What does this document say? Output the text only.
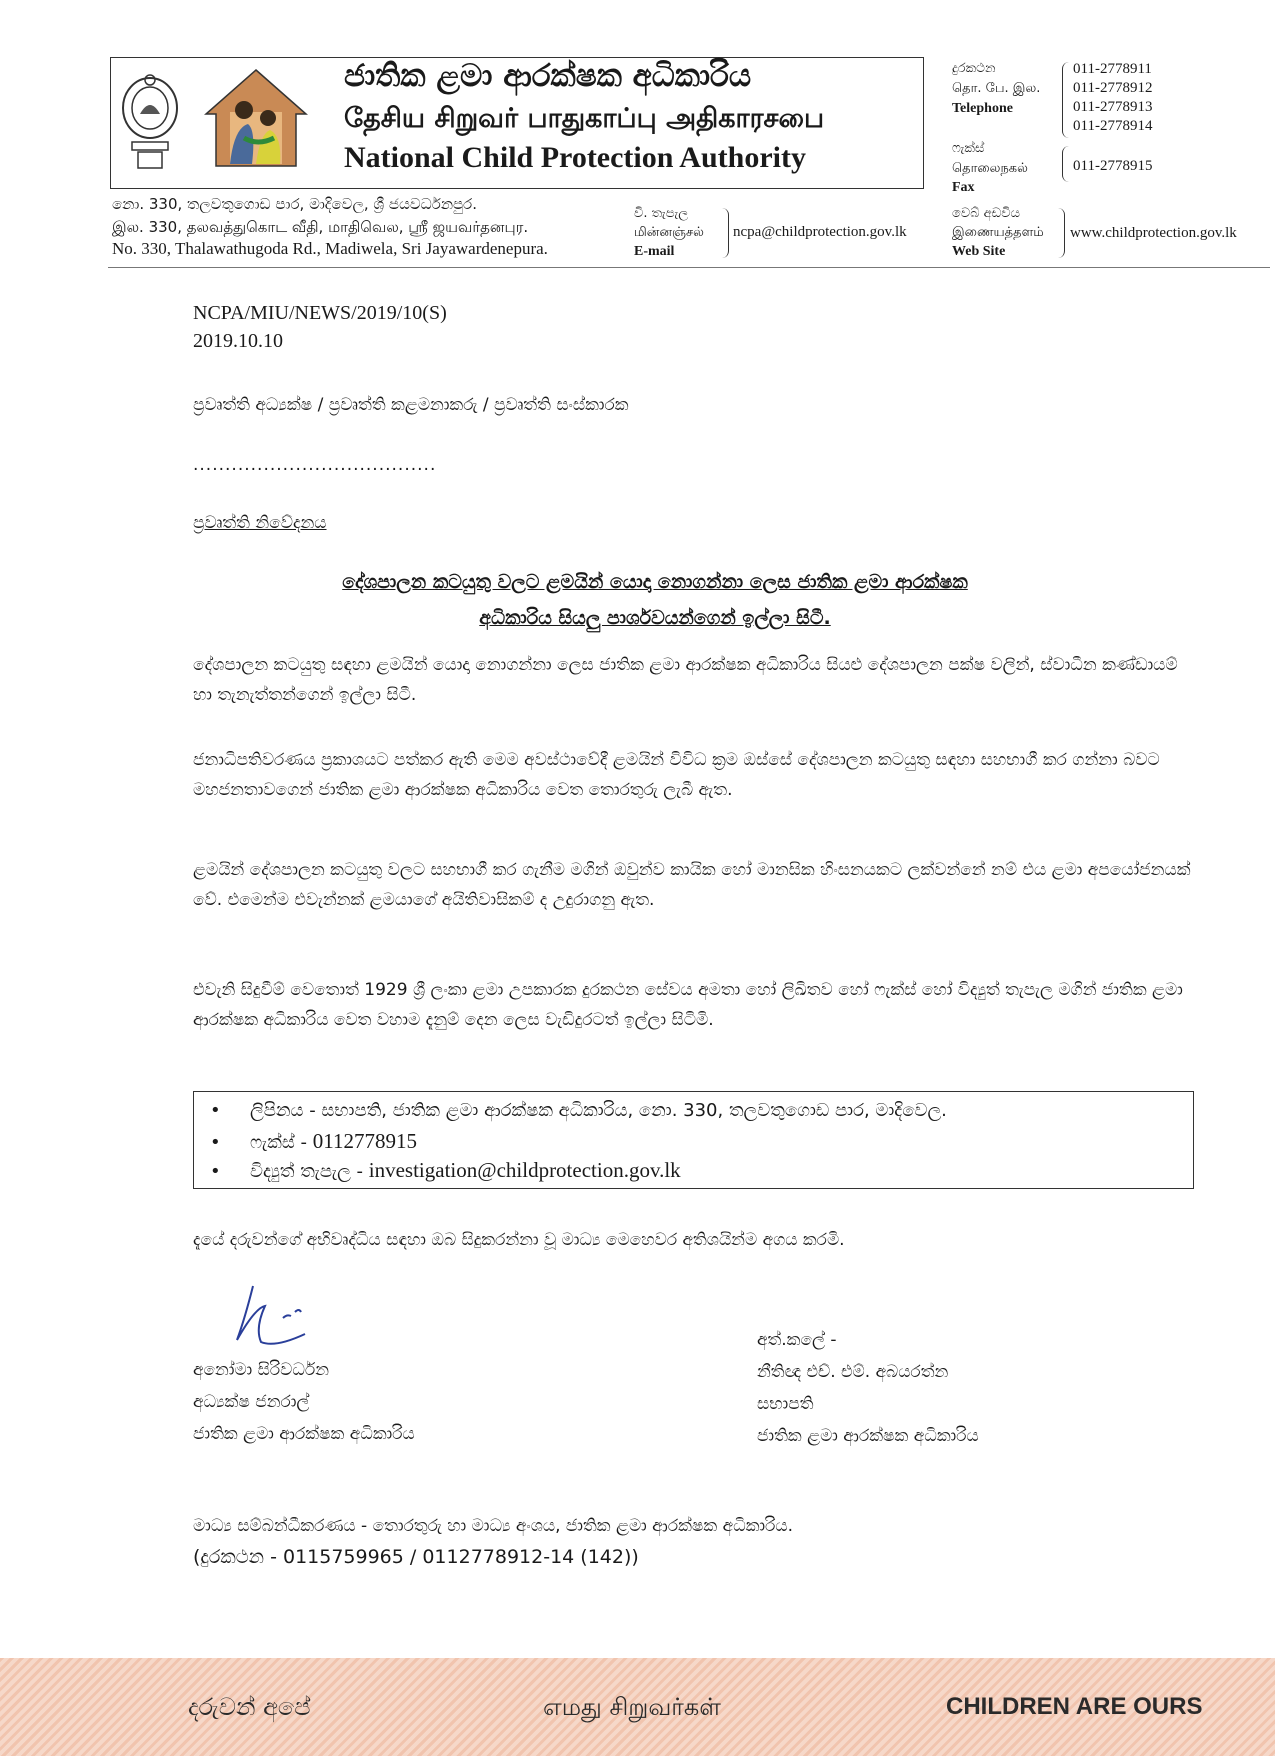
ජාතික ළමා ආරක්ෂක අධිකාරිය
தேசிய சிறுவர் பாதுகாப்பு அதிகாரசபை
National Child Protection Authority
දුරකථන
தொ. பே. இல.
Telephone
011-2778911
011-2778912
011-2778913
011-2778914
ෆැක්ස්
தொலைநகல்
Fax
011-2778915
නො. 330, තලවතුගොඩ පාර, මාදිවෙල, ශ්‍රී ජයවර්ධනපුර.
இல. 330, தலவத்துகொட வீதி, மாதிவெல, ஸ்ரீ ஜயவர்தனபுர.
No. 330, Thalawathugoda Rd., Madiwela, Sri Jayawardenepura.
වි. තැපැල
மின்னஞ்சல்
E-mail
ncpa@childprotection.gov.lk
වෙබ් අඩවිය
இணையத்தளம்
Web Site
www.childprotection.gov.lk
NCPA/MIU/NEWS/2019/10(S)
2019.10.10
ප්‍රවෘත්ති අධ්‍යක්ෂ / ප්‍රවෘත්ති කළමනාකරු / ප්‍රවෘත්ති සංස්කාරක
......................................
ප්‍රවෘත්ති නිවේදනය
දේශපාලන කටයුතු වලට ළමයින් යොදා නොගන්නා ලෙස ජාතික ළමා ආරක්ෂක
අධිකාරිය සියලු පාර්ශවයන්ගෙන් ඉල්ලා සිටී.
දේශපාලන කටයුතු සඳහා ළමයින් යොදා නොගන්නා ලෙස ජාතික ළමා ආරක්ෂක අධිකාරිය සියළු දේශපාලන පක්ෂ වලින්, ස්වාධීන කණ්ඩායම් හා තැනැත්තන්ගෙන් ඉල්ලා සිටී.
ජනාධිපතිවරණය ප්‍රකාශයට පත්කර ඇති මෙම අවස්ථාවේදී ළමයින් විවිධ ක්‍රම ඔස්සේ දේශපාලන කටයුතු සඳහා සහභාගී කර ගන්නා බවට මහජනතාවගෙන් ජාතික ළමා ආරක්ෂක අධිකාරිය වෙත තොරතුරු ලැබී ඇත.
ළමයින් දේශපාලන කටයුතු වලට සහභාගී කර ගැනීම මගින් ඔවුන්ව කායික හෝ මානසික හිංසනයකට ලක්වන්නේ නම් එය ළමා අපයෝජනයක් වේ. එමෙන්ම එවැන්නක් ළමයාගේ අයිතිවාසිකම් ද උදුරාගනු ඇත.
එවැනි සිදුවීම් වෙතොත් 1929 ශ්‍රී ලංකා ළමා උපකාරක දුරකථන සේවය අමතා හෝ ලිඛිතව හෝ ෆැක්ස් හෝ විද්‍යුත් තැපැල මගින් ජාතික ළමා ආරක්ෂක අධිකාරිය වෙත වහාම දැනුම් දෙන ලෙස වැඩිදුරටත් ඉල්ලා සිටිමි.
• ලිපිනය - සභාපති, ජාතික ළමා ආරක්ෂක අධිකාරිය, නො. 330, තලවතුගොඩ පාර, මාදිවෙල.
• ෆැක්ස් - 0112778915
• විද්‍යුත් තැපැල - investigation@childprotection.gov.lk
දැයේ දරුවන්ගේ අභිවෘද්ධිය සඳහා ඔබ සිදුකරන්නා වූ මාධ්‍ය මෙහෙවර අතිශයින්ම අගය කරමි.
අනෝමා සිරිවර්ධන
අධ්‍යක්ෂ ජනරාල්
ජාතික ළමා ආරක්ෂක අධිකාරිය
අත්.කලේ -
නීතිඥ එච්. එම්. අබයරත්න
සභාපති
ජාතික ළමා ආරක්ෂක අධිකාරිය
මාධ්‍ය සම්බන්ධීකරණය - තොරතුරු හා මාධ්‍ය අංශය, ජාතික ළමා ආරක්ෂක අධිකාරිය.
(දුරකථන - 0115759965 / 0112778912-14 (142))
දරුවන් අපේ	எமது சிறுவர்கள்	CHILDREN ARE OURS
